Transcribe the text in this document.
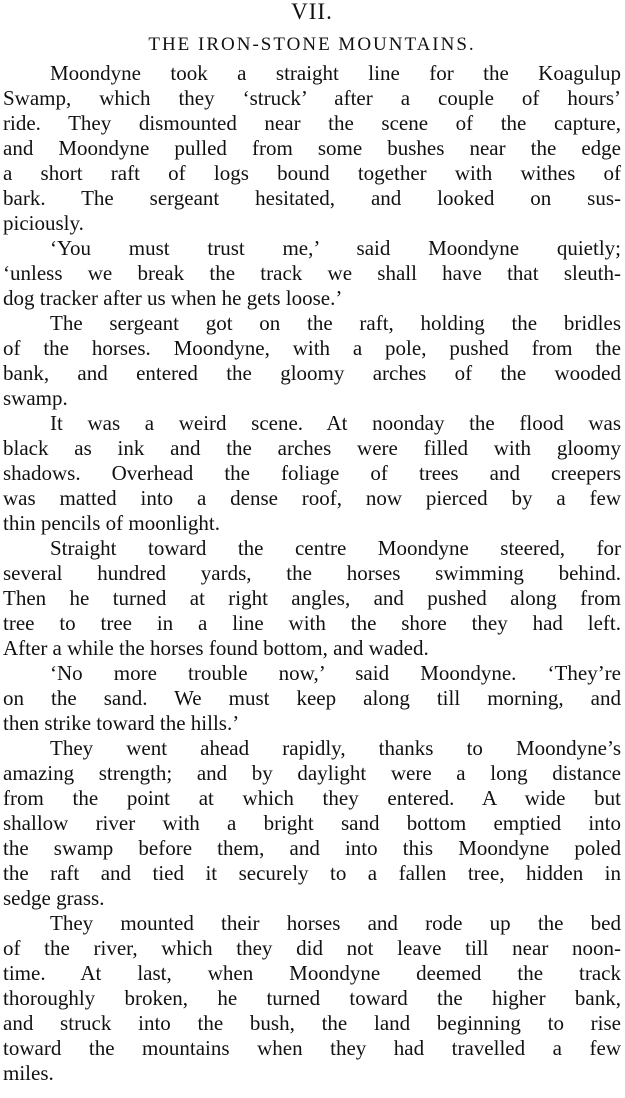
VII.
THE IRON-STONE MOUNTAINS.
Moondyne took a straight line for the Koagulup
Swamp, which they ‘struck’ after a couple of hours’
ride. They dismounted near the scene of the capture,
and Moondyne pulled from some bushes near the edge
a short raft of logs bound together with withes of
bark. The sergeant hesitated, and looked on sus-
piciously.
‘You must trust me,’ said Moondyne quietly;
‘unless we break the track we shall have that sleuth-
dog tracker after us when he gets loose.’
The sergeant got on the raft, holding the bridles
of the horses. Moondyne, with a pole, pushed from the
bank, and entered the gloomy arches of the wooded
swamp.
It was a weird scene. At noonday the flood was
black as ink and the arches were filled with gloomy
shadows. Overhead the foliage of trees and creepers
was matted into a dense roof, now pierced by a few
thin pencils of moonlight.
Straight toward the centre Moondyne steered, for
several hundred yards, the horses swimming behind.
Then he turned at right angles, and pushed along from
tree to tree in a line with the shore they had left.
After a while the horses found bottom, and waded.
‘No more trouble now,’ said Moondyne. ‘They’re
on the sand. We must keep along till morning, and
then strike toward the hills.’
They went ahead rapidly, thanks to Moondyne’s
amazing strength; and by daylight were a long distance
from the point at which they entered. A wide but
shallow river with a bright sand bottom emptied into
the swamp before them, and into this Moondyne poled
the raft and tied it securely to a fallen tree, hidden in
sedge grass.
They mounted their horses and rode up the bed
of the river, which they did not leave till near noon-
time. At last, when Moondyne deemed the track
thoroughly broken, he turned toward the higher bank,
and struck into the bush, the land beginning to rise
toward the mountains when they had travelled a few
miles.
